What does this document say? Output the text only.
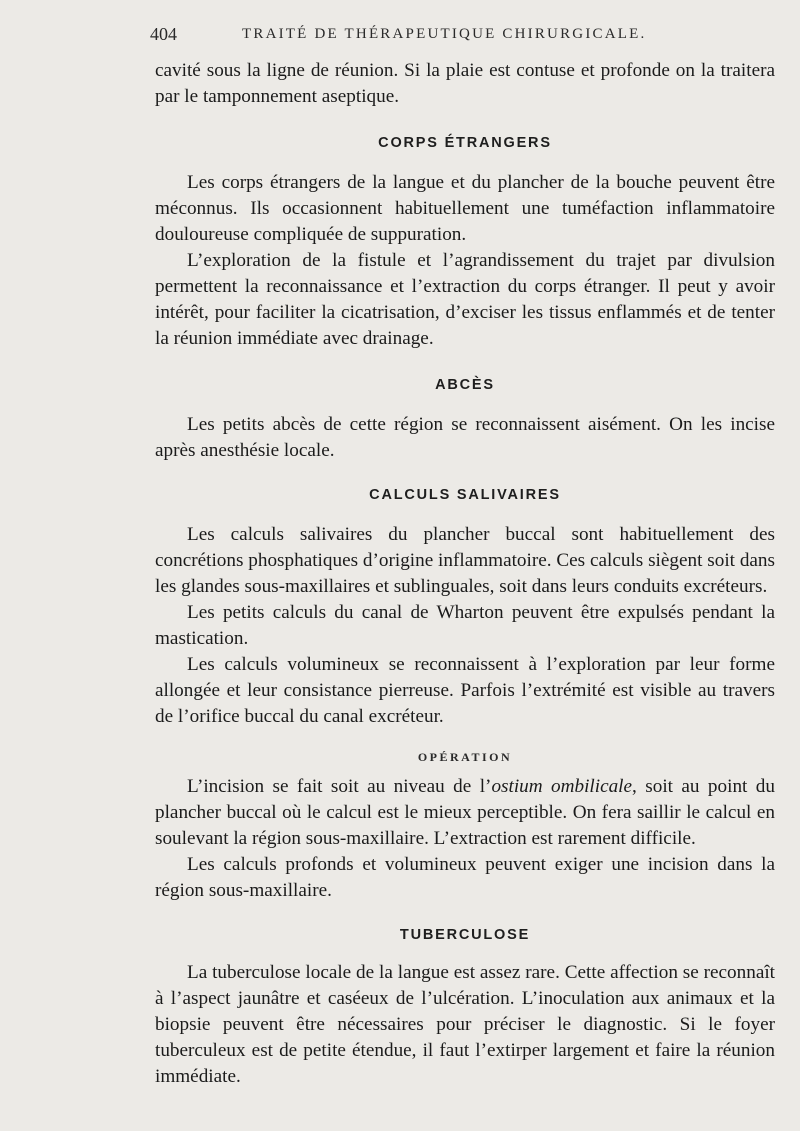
404	TRAITÉ DE THÉRAPEUTIQUE CHIRURGICALE.

cavité sous la ligne de réunion. Si la plaie est contuse et profonde on la traitera par le tamponnement aseptique.

CORPS ÉTRANGERS

Les corps étrangers de la langue et du plancher de la bouche peuvent être méconnus. Ils occasionnent habituellement une tuméfaction inflammatoire douloureuse compliquée de suppuration.

L’exploration de la fistule et l’agrandissement du trajet par divulsion permettent la reconnaissance et l’extraction du corps étranger. Il peut y avoir intérêt, pour faciliter la cicatrisation, d’exciser les tissus enflammés et de tenter la réunion immédiate avec drainage.

ABCÈS

Les petits abcès de cette région se reconnaissent aisément. On les incise après anesthésie locale.

CALCULS SALIVAIRES

Les calculs salivaires du plancher buccal sont habituellement des concrétions phosphatiques d’origine inflammatoire. Ces calculs siègent soit dans les glandes sous-maxillaires et sublinguales, soit dans leurs conduits excréteurs.

Les petits calculs du canal de Wharton peuvent être expulsés pendant la mastication.

Les calculs volumineux se reconnaissent à l’exploration par leur forme allongée et leur consistance pierreuse. Parfois l’extrémité est visible au travers de l’orifice buccal du canal excréteur.

OPÉRATION

L’incision se fait soit au niveau de l’ostium ombilicale, soit au point du plancher buccal où le calcul est le mieux perceptible. On fera saillir le calcul en soulevant la région sous-maxillaire. L’extraction est rarement difficile.

Les calculs profonds et volumineux peuvent exiger une incision dans la région sous-maxillaire.

TUBERCULOSE

La tuberculose locale de la langue est assez rare. Cette affection se reconnaît à l’aspect jaunâtre et caséeux de l’ulcération. L’inoculation aux animaux et la biopsie peuvent être nécessaires pour préciser le diagnostic. Si le foyer tuberculeux est de petite étendue, il faut l’extirper largement et faire la réunion immédiate.
